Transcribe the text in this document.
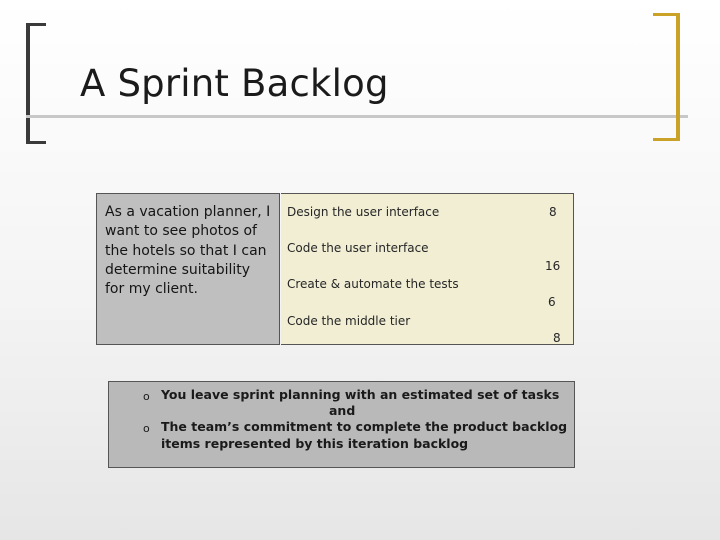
A Sprint Backlog
As a vacation planner, I want to see photos of the hotels so that I can determine suitability for my client.
Design the user interface	8
Code the user interface
16
Create & automate the tests
6
Code the middle tier
8
o You leave sprint planning with an estimated set of tasks
and
o The team’s commitment to complete the product backlog
items represented by this iteration backlog
